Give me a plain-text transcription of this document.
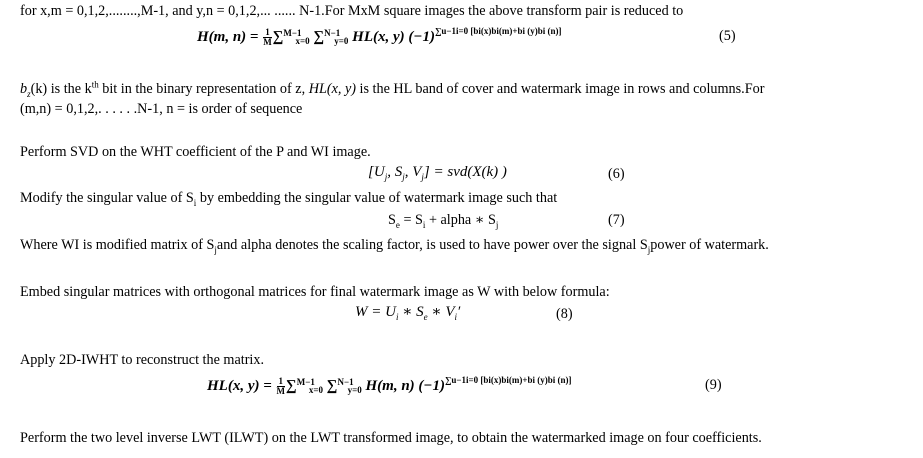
for x,m = 0,1,2,........,M-1, and y,n = 0,1,2,... ...... N-1.For MxM square images the above transform pair is reduced to
H(m, $n) = \frac{1}{M} \sum^{M-1}_{x=0}$ ∑$^{N-1}_{y=0}$ HL(x, y) $(-1)^{\sum u-1i=0 [bi(x)bi(m)+bi (y)bi (n)]}$	(5)
$b_z(k)$ is the $k^{th}$ bit in the binary representation of z, HL(x, y) is the HL band of cover and watermark image in rows and columns.For
(m,n) = 0,1,2,. . . . . .N-1, n = is order of sequence
Perform SVD on the WHT coefficient of the P and WI image.
[$U_j$, $S_j$, $V_j] = svd(X(k)$ )	(6)
Modify the singular value of $S_i$ by embedding the singular value of watermark image such that
$S_e = S_i$ + alpha ∗ $S_j$	(7)
Where WI is modified matrix of $S_jand$ alpha denotes the scaling factor, is used to have power over the signal $S_jpower$ of watermark.
Embed singular matrices with orthogonal matrices for final watermark image as W with below formula:
$W = U_i$ ∗ $S_e$ ∗ $V_i'$	(8)
Apply 2D-IWHT to reconstruct the matrix.
HL(x, $y) = \frac{1}{M} \sum^{M-1}_{x=0}$ ∑$^{N-1}_{y=0}$ H(m, n) $(-1)^{\sum u-1i=0 [bi(x)bi(m)+bi (y)bi (n)]}$	(9)
Perform the two level inverse LWT (ILWT) on the LWT transformed image, to obtain the watermarked image on four coefficients.
